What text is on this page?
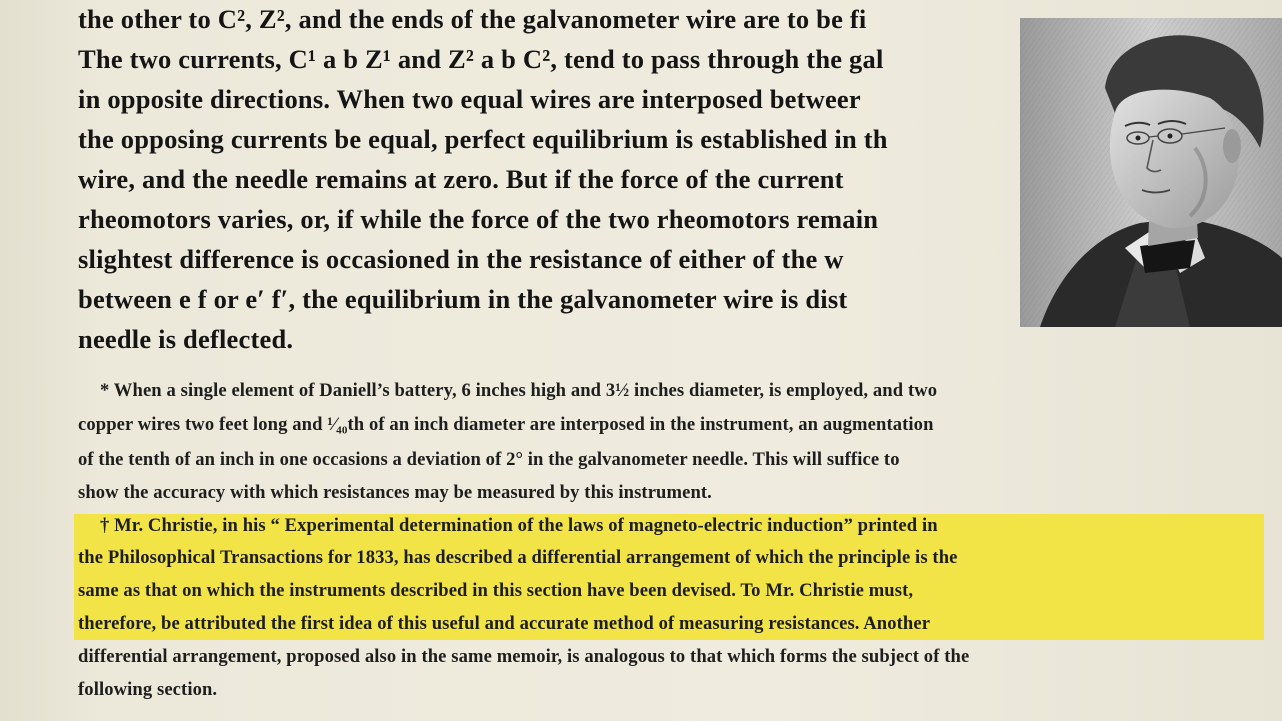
the other to C², Z², and the ends of the galvanometer wire are to be fi
The two currents, C¹ a b Z¹ and Z² a b C², tend to pass through the gal
in opposite directions. When two equal wires are interposed betweer
the opposing currents be equal, perfect equilibrium is established in th
wire, and the needle remains at zero. But if the force of the current
rheomotors varies, or, if while the force of the two rheomotors remain
slightest difference is occasioned in the resistance of either of the w
between e f or e′ f′, the equilibrium in the galvanometer wire is dist
needle is deflected.
* When a single element of Daniell’s battery, 6 inches high and 3½ inches diameter, is employed, and two
copper wires two feet long and ¹⁄₄₀th of an inch diameter are interposed in the instrument, an augmentation
of the tenth of an inch in one occasions a deviation of 2° in the galvanometer needle. This will suffice to
show the accuracy with which resistances may be measured by this instrument.
† Mr. Christie, in his “ Experimental determination of the laws of magneto-electric induction” printed in
the Philosophical Transactions for 1833, has described a differential arrangement of which the principle is the
same as that on which the instruments described in this section have been devised. To Mr. Christie must,
therefore, be attributed the first idea of this useful and accurate method of measuring resistances. Another
differential arrangement, proposed also in the same memoir, is analogous to that which forms the subject of the
following section.
